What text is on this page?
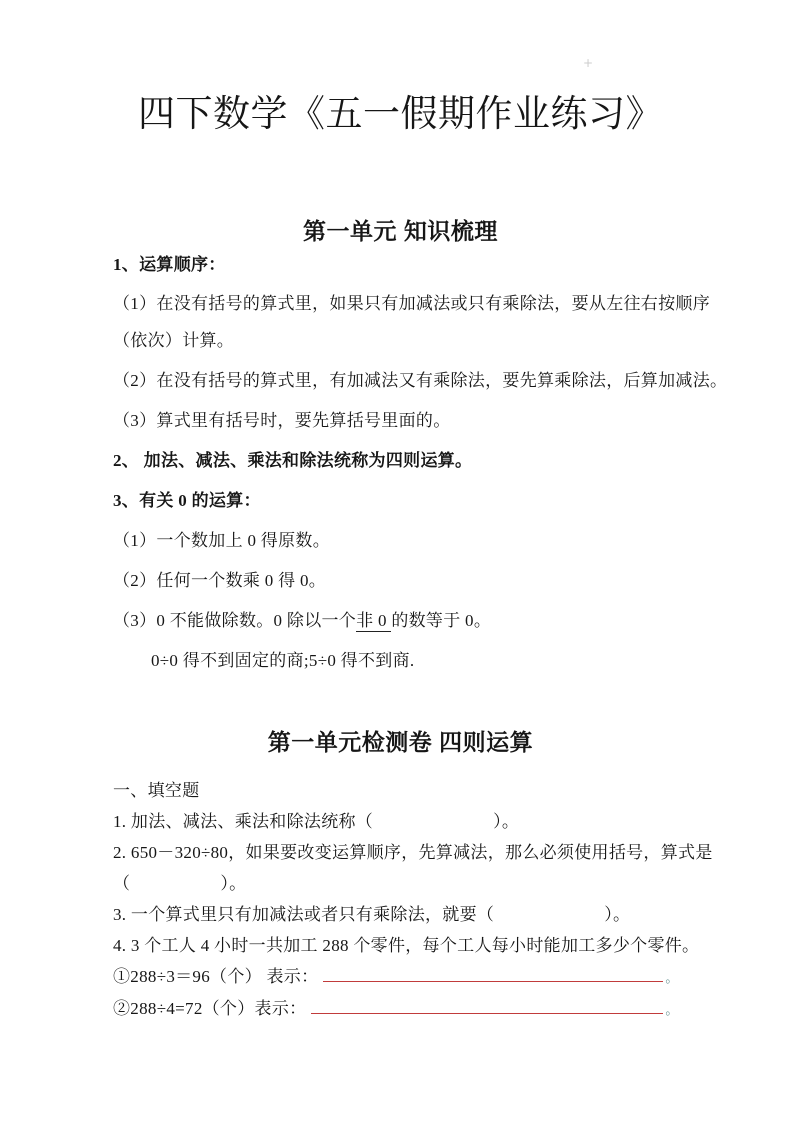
+
四下数学《五一假期作业练习》
第一单元 知识梳理
1、运算顺序：
（1）在没有括号的算式里，如果只有加减法或只有乘除法，要从左往右按顺序
（依次）计算。
（2）在没有括号的算式里，有加减法又有乘除法，要先算乘除法，后算加减法。
（3）算式里有括号时，要先算括号里面的。
2、 加法、减法、乘法和除法统称为四则运算。
3、有关 0 的运算：
（1）一个数加上 0 得原数。
（2）任何一个数乘 0 得 0。
（3）0 不能做除数。0 除以一个非 0 的数等于 0。
0÷0 得不到固定的商;5÷0 得不到商.
第一单元检测卷 四则运算
一、填空题
1. 加法、减法、乘法和除法统称（	）。
2. 650－320÷80，如果要改变运算顺序，先算减法，那么必须使用括号，算式是
（	）。
3. 一个算式里只有加减法或者只有乘除法，就要（	）。
4. 3 个工人 4 小时一共加工 288 个零件，每个工人每小时能加工多少个零件。
①288÷3＝96（个） 表示：	。
②288÷4=72（个）表示：	。
